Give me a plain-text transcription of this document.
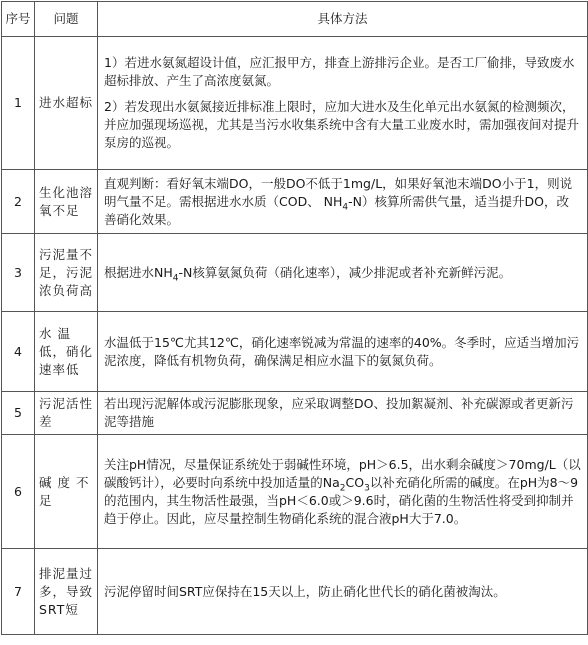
序号	问题	具体方法
1	进水超标	1）若进水氨氮超设计值，应汇报甲方，排查上游排污企业。是否工厂偷排，导致废水超标排放、产生了高浓度氨氮。

2）若发现出水氨氮接近排标准上限时，应加大进水及生化单元出水氨氮的检测频次，并应加强现场巡视，尤其是当污水收集系统中含有大量工业废水时，需加强夜间对提升泵房的巡视。

2	生化池溶氧不足	直观判断：看好氧末端DO，一般DO不低于1mg/L，如果好氧池末端DO小于1，则说明气量不足。需根据进水水质（COD、 $NH_4-N$）核算所需供气量，适当提升DO，改善硝化效果。
3	污泥量不足，污泥浓负荷高	根据进水$NH_4-N$核算氨氮负荷（硝化速率），减少排泥或者补充新鲜污泥。
4	水 温低，硝化速率低	水温低于15℃尤其12℃，硝化速率锐减为常温的速率的40%。冬季时，应适当增加污泥浓度，降低有机物负荷，确保满足相应水温下的氨氮负荷。
5	污泥活性差	若出现污泥解体或污泥膨胀现象，应采取调整DO、投加絮凝剂、补充碳源或者更新污泥等措施
6	碱 度 不足	关注pH情况，尽量保证系统处于弱碱性环境，pH＞6.5，出水剩余碱度＞70mg/L（以碳酸钙计），必要时向系统中投加适量的$Na_2CO_3$以补充硝化所需的碱度。在pH为8～9的范围内，其生物活性最强，当pH＜6.0或＞9.6时，硝化菌的生物活性将受到抑制并趋于停止。因此，应尽量控制生物硝化系统的混合液pH大于7.0。
7	排泥量过多，导致SRT短	污泥停留时间SRT应保持在15天以上，防止硝化世代长的硝化菌被淘汰。
